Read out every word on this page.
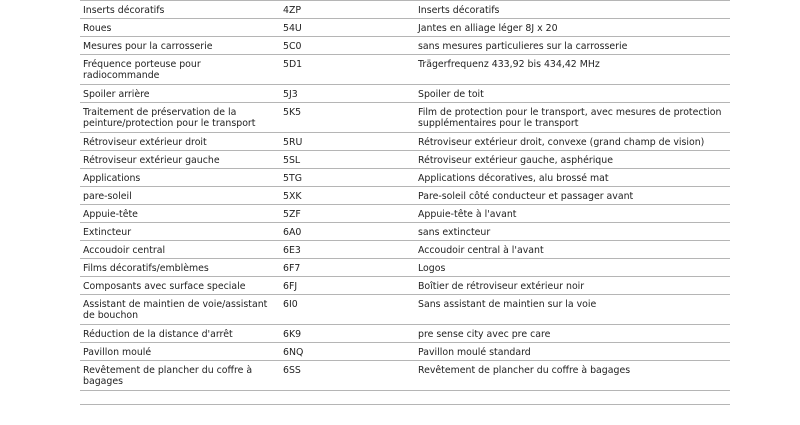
Inserts décoratifs	4ZP	Inserts décoratifs
Roues	54U	Jantes en alliage léger 8J x 20
Mesures pour la carrosserie	5C0	sans mesures particulieres sur la carrosserie
Fréquence porteuse pour radiocommande	5D1	Trägerfrequenz 433,92 bis 434,42 MHz
Spoiler arrière	5J3	Spoiler de toit
Traitement de préservation de la peinture/protection pour le transport	5K5	Film de protection pour le transport, avec mesures de protection supplémentaires pour le transport
Rétroviseur extérieur droit	5RU	Rétroviseur extérieur droit, convexe (grand champ de vision)
Rétroviseur extérieur gauche	5SL	Rétroviseur extérieur gauche, asphérique
Applications	5TG	Applications décoratives, alu brossé mat
pare-soleil	5XK	Pare-soleil côté conducteur et passager avant
Appuie-tête	5ZF	Appuie-tête à l'avant
Extincteur	6A0	sans extincteur
Accoudoir central	6E3	Accoudoir central à l'avant
Films décoratifs/emblèmes	6F7	Logos
Composants avec surface speciale	6FJ	Boîtier de rétroviseur extérieur noir
Assistant de maintien de voie/assistant de bouchon	6I0	Sans assistant de maintien sur la voie
Réduction de la distance d'arrêt	6K9	pre sense city avec pre care
Pavillon moulé	6NQ	Pavillon moulé standard
Revêtement de plancher du coffre à bagages	6SS	Revêtement de plancher du coffre à bagages
